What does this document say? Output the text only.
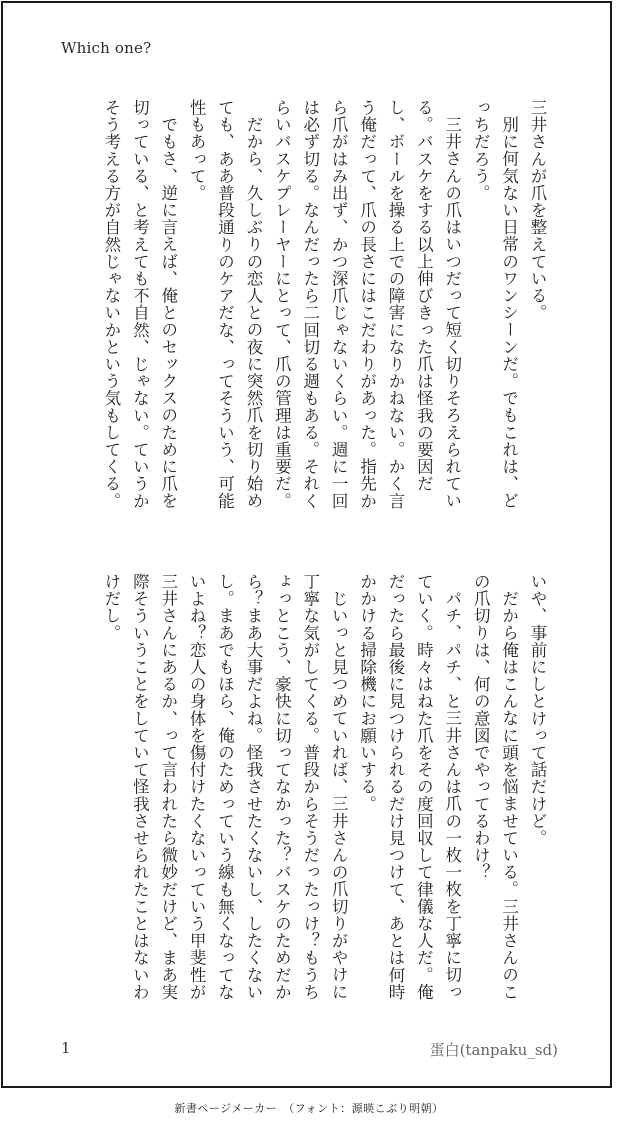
Which one?

三井さんが爪を整えている。

別に何気ない日常のワンシーンだ。でもこれは、どっちだろう。

三井さんの爪はいつだって短く切りそろえられている。バスケをする以上伸びきった爪は怪我の要因だし、ボールを操る上での障害になりかねない。かく言う俺だって、爪の長さにはこだわりがあった。指先から爪がはみ出ず、かつ深爪じゃないくらい。週に一回は必ず切る。なんだったら二回切る週もある。それくらいバスケプレーヤーにとって、爪の管理は重要だ。

だから、久しぶりの恋人との夜に突然爪を切り始めても、ああ普段通りのケアだな、ってそういう、可能性もあって。

でもさ、逆に言えば、俺とのセックスのために爪を切っている、と考えても不自然、じゃない。ていうかそう考える方が自然じゃないかという気もしてくる。

いや、事前にしとけって話だけど。

だから俺はこんなに頭を悩ませている。三井さんのこの爪切りは、何の意図でやってるわけ？

パチ、パチ、と三井さんは爪の一枚一枚を丁寧に切っていく。時々はねた爪をその度回収して律儀な人だ。俺だったら最後に見つけられるだけ見つけて、あとは何時かかける掃除機にお願いする。

じいっと見つめていれば、三井さんの爪切りがやけに丁寧な気がしてくる。普段からそうだったっけ？もうちょっとこう、豪快に切ってなかった？バスケのためだから？まあ大事だよね。怪我させたくないし、したくないし。まあでもほら、俺のためっていう線も無くなってないよね？恋人の身体を傷付けたくないっていう甲斐性が三井さんにあるか、って言われたら微妙だけど、まあ実際そういうことをしていて怪我させられたことはないわけだし。

1	蛋白(tanpaku_sd)
新書ページメーカー　（フォント：源暎こぶり明朝）
